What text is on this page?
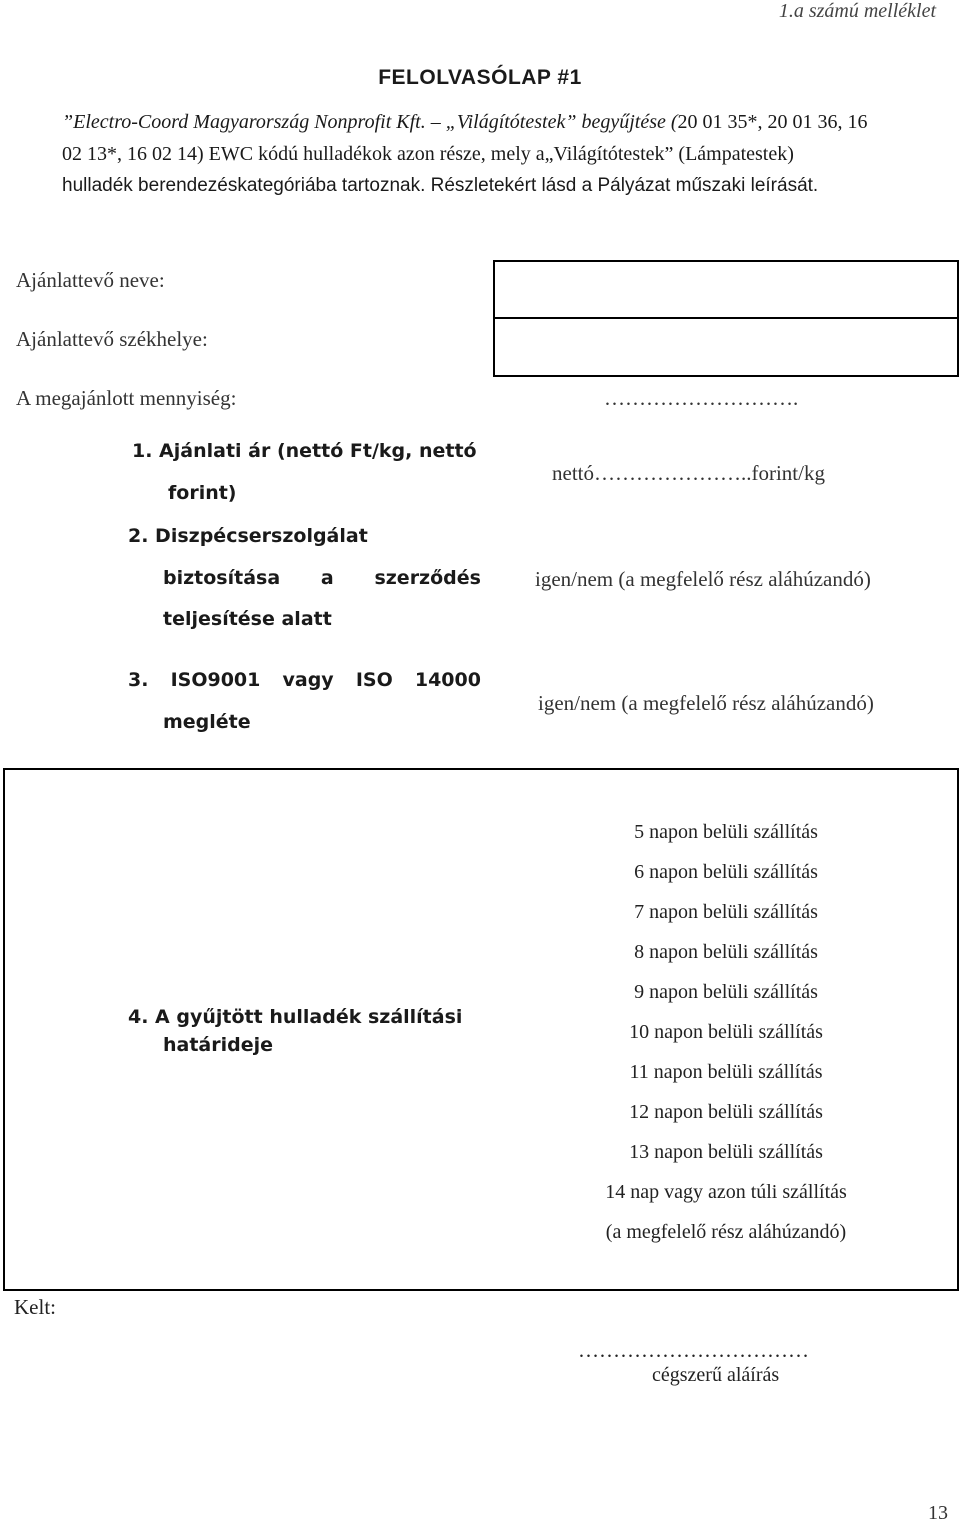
1.a számú melléklet
FELOLVASÓLAP #1
”Electro-Coord Magyarország Nonprofit Kft. – „Világítótestek” begyűjtése (20 01 35*, 20 01 36, 16
02 13*, 16 02 14) EWC kódú hulladékok azon része, mely a„Világítótestek” (Lámpatestek)
hulladék berendezéskategóriába tartoznak. Részletekért lásd a Pályázat műszaki leírását.
Ajánlattevő neve:
Ajánlattevő székhelye:
A megajánlott mennyiség:	……………………….
1. Ajánlati ár (nettó Ft/kg, nettó
forint)
nettó…………………..forint/kg
2. Diszpécserszolgálat
biztosítása a szerződés
teljesítése alatt
igen/nem (a megfelelő rész aláhúzandó)
3. ISO9001 vagy ISO 14000
megléte
igen/nem (a megfelelő rész aláhúzandó)
4. A gyűjtött hulladék szállítási
határideje
5 napon belüli szállítás
6 napon belüli szállítás
7 napon belüli szállítás
8 napon belüli szállítás
9 napon belüli szállítás
10 napon belüli szállítás
11 napon belüli szállítás
12 napon belüli szállítás
13 napon belüli szállítás
14 nap vagy azon túli szállítás
(a megfelelő rész aláhúzandó)
Kelt:
……………………………
cégszerű aláírás
13
